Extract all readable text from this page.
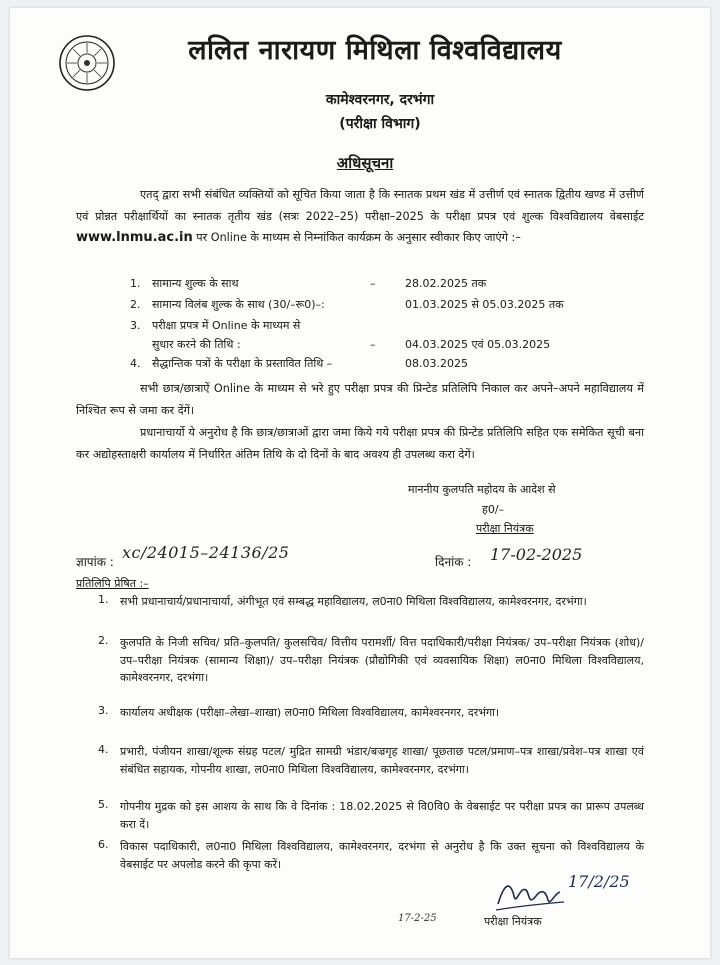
ललित नारायण मिथिला विश्वविद्यालय
कामेश्वरनगर, दरभंगा
(परीक्षा विभाग)
अधिसूचना

एतद् द्वारा सभी संबंधित व्यक्तियों को सूचित किया जाता है कि स्नातक प्रथम खंड में उत्तीर्ण एवं स्नातक द्वितीय खण्ड में उत्तीर्ण एवं प्रोन्नत परीक्षार्थियों का स्नातक तृतीय खंड (सत्रः 2022–25) परीक्षा–2025 के परीक्षा प्रपत्र एवं शुल्क विश्वविद्यालय वेबसाईट www.lnmu.ac.in पर Online के माध्यम से निम्नांकित कार्यक्रम के अनुसार स्वीकार किए जाएंगे :–

1. सामान्य शुल्क के साथ	–	28.02.2025 तक
2. सामान्य विलंब शुल्क के साथ (30/–रू0)–:	01.03.2025 से 05.03.2025 तक
3. परीक्षा प्रपत्र में Online के माध्यम से
सुधार करने की तिथि :	–	04.03.2025 एवं 05.03.2025
4. सैद्धान्तिक पत्रों के परीक्षा के प्रस्तावित तिथि –	08.03.2025

सभी छात्र/छात्राऐं Online के माध्यम से भरे हुए परीक्षा प्रपत्र की प्रिन्टेड प्रतिलिपि निकाल कर अपने–अपने महाविद्यालय में निश्चित रूप से जमा कर देंगें।

प्रधानाचार्यो ये अनुरोध है कि छात्र/छात्राओं द्वारा जमा किये गये परीक्षा प्रपत्र की प्रिन्टेड प्रतिलिपि सहित एक समेकित सूची बना कर अद्योहस्ताक्षरी कार्यालय में निर्धारित अंतिम तिथि के दो दिनों के बाद अवश्य ही उपलब्ध करा देगें।

माननीय कुलपति महोदय के आदेश से
ह0/–
परीक्षा नियंत्रक
ज्ञापांक : xc/24015–24136/25	दिनांक : 17-02-2025
प्रतिलिपि प्रेषित :–
1. सभी प्रधानाचार्य/प्रधानाचार्या, अंगीभूत एवं सम्बद्ध महाविद्यालय, ल0ना0 मिथिला विश्वविद्यालय, कामेश्वरनगर, दरभंगा।

2. कुलपति के निजी सचिव/ प्रति–कुलपति/ कुलसचिव/ वित्तीय परामर्शी/ वित्त पदाधिकारी/परीक्षा नियंत्रक/ उप–परीक्षा नियंत्रक (शोध)/ उप–परीक्षा नियंत्रक (सामान्य शिक्षा)/ उप–परीक्षा नियंत्रक (प्रौद्योगिकी एवं व्यवसायिक शिक्षा) ल0ना0 मिथिला विश्वविद्यालय, कामेश्वरनगर, दरभंगा।

3. कार्यालय अधीक्षक (परीक्षा–लेखा–शाखा) ल0ना0 मिथिला विश्वविद्यालय, कामेश्वरनगर, दरभंगा।

4. प्रभारी, पंजीयन शाखा/शूल्क संग्रह पटल/ मुद्रित सामग्री भंडार/बज्रगृह शाखा/ पूछताछ पटल/प्रमाण–पत्र शाखा/प्रवेश–पत्र शाखा एवं संबंधित सहायक, गोपनीय शाखा, ल0ना0 मिथिला विश्वविद्यालय, कामेश्वरनगर, दरभंगा।

5. गोपनीय मुद्रक को इस आशय के साथ कि वे दिनांक : 18.02.2025 से वि0वि0 के वेबसाईट पर परीक्षा प्रपत्र का प्रारूप उपलब्ध करा दें।

6. विकास पदाधिकारी, ल0ना0 मिथिला विश्वविद्यालय, कामेश्वरनगर, दरभंगा से अनुरोध है कि उक्त सूचना को विश्वविद्यालय के वेबसाईट पर अपलोड करने की कृपा करें।

17/2/25
17-2-25	परीक्षा नियंत्रक
